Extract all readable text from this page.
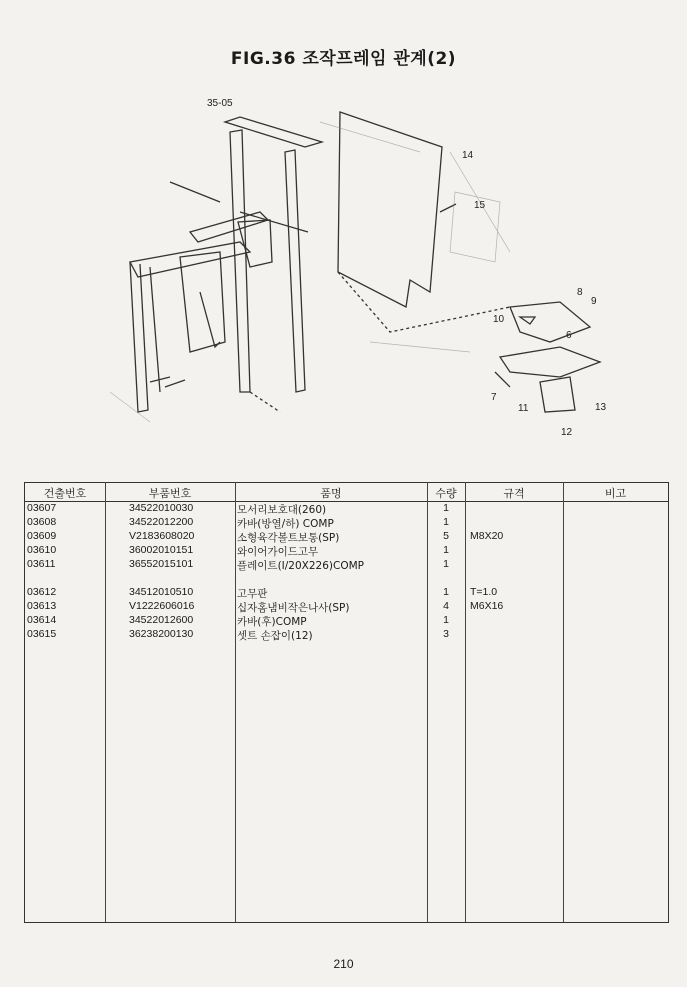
FIG.36 조작프레임 관계(2)
35-05
14
15
8
9
10
6
7
11	13
12
건출번호	부품번호	품명	수량	규격	비고
03607	34522010030	모서리보호대(260)	1
03608	34522012200	카바(방열/하) COMP	1
03609	V2183608020	소형육각볼트보통(SP)	5	M8X20
03610	36002010151	와이어가이드고무	1
03611	36552015101	플레이트(I/20X226)COMP	1
03612	34512010510	고무판	1	T=1.0
03613	V1222606016	십자홈냄비작은나사(SP)	4	M6X16
03614	34522012600	카바(후)COMP	1
03615	36238200130	셋트 손잡이(12)	3
210
